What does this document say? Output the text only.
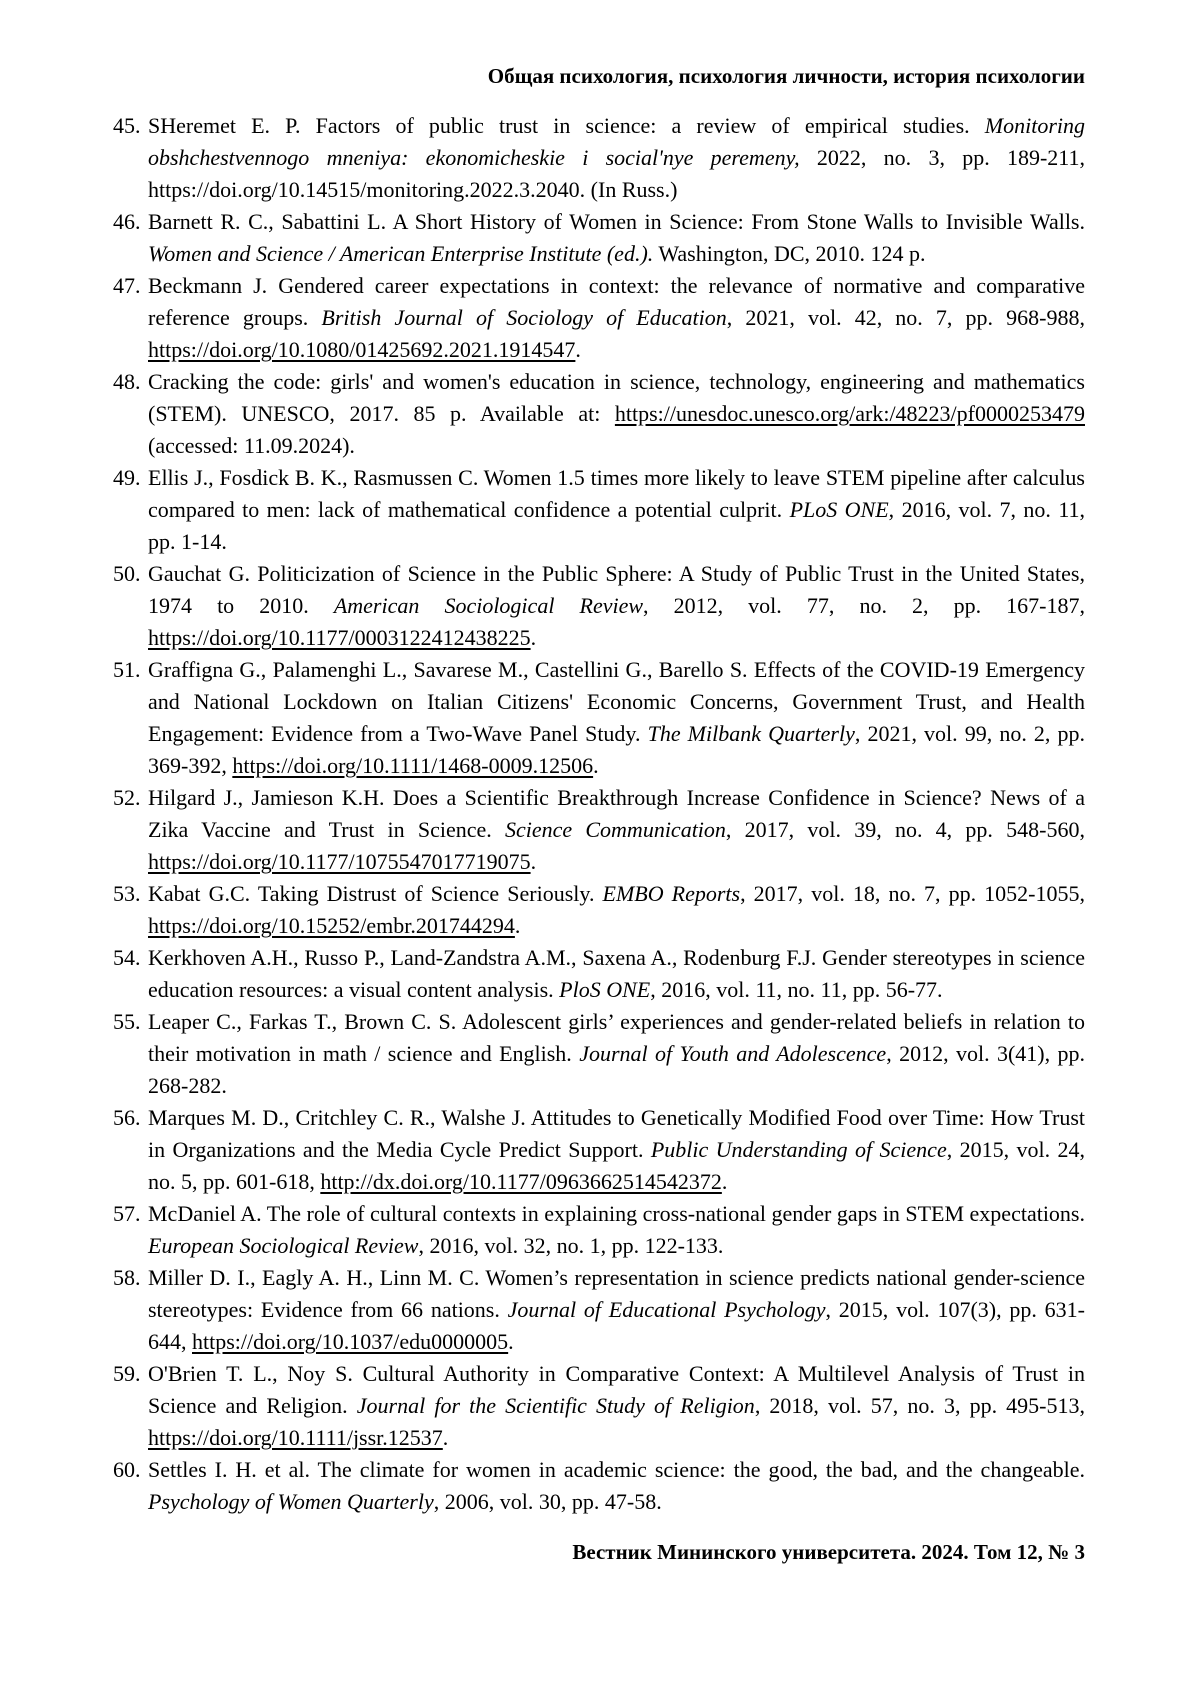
Общая психология, психология личности, история психологии
45. SHeremet E. P. Factors of public trust in science: a review of empirical studies. Monitoring obshchestvennogo mneniya: ekonomicheskie i social'nye peremeny, 2022, no. 3, pp. 189-211, https://doi.org/10.14515/monitoring.2022.3.2040. (In Russ.)
46. Barnett R. C., Sabattini L. A Short History of Women in Science: From Stone Walls to Invisible Walls. Women and Science / American Enterprise Institute (ed.). Washington, DC, 2010. 124 p.
47. Beckmann J. Gendered career expectations in context: the relevance of normative and comparative reference groups. British Journal of Sociology of Education, 2021, vol. 42, no. 7, pp. 968-988, https://doi.org/10.1080/01425692.2021.1914547.
48. Cracking the code: girls' and women's education in science, technology, engineering and mathematics (STEM). UNESCO, 2017. 85 p. Available at: https://unesdoc.unesco.org/ark:/48223/pf0000253479 (accessed: 11.09.2024).
49. Ellis J., Fosdick B. K., Rasmussen C. Women 1.5 times more likely to leave STEM pipeline after calculus compared to men: lack of mathematical confidence a potential culprit. PLoS ONE, 2016, vol. 7, no. 11, pp. 1-14.
50. Gauchat G. Politicization of Science in the Public Sphere: A Study of Public Trust in the United States, 1974 to 2010. American Sociological Review, 2012, vol. 77, no. 2, pp. 167-187, https://doi.org/10.1177/0003122412438225.
51. Graffigna G., Palamenghi L., Savarese M., Castellini G., Barello S. Effects of the COVID-19 Emergency and National Lockdown on Italian Citizens' Economic Concerns, Government Trust, and Health Engagement: Evidence from a Two-Wave Panel Study. The Milbank Quarterly, 2021, vol. 99, no. 2, pp. 369-392, https://doi.org/10.1111/1468-0009.12506.
52. Hilgard J., Jamieson K.H. Does a Scientific Breakthrough Increase Confidence in Science? News of a Zika Vaccine and Trust in Science. Science Communication, 2017, vol. 39, no. 4, pp. 548-560, https://doi.org/10.1177/1075547017719075.
53. Kabat G.C. Taking Distrust of Science Seriously. EMBO Reports, 2017, vol. 18, no. 7, pp. 1052-1055, https://doi.org/10.15252/embr.201744294.
54. Kerkhoven A.H., Russo P., Land-Zandstra A.M., Saxena A., Rodenburg F.J. Gender stereotypes in science education resources: a visual content analysis. PloS ONE, 2016, vol. 11, no. 11, pp. 56-77.
55. Leaper C., Farkas T., Brown C. S. Adolescent girls’ experiences and gender-related beliefs in relation to their motivation in math / science and English. Journal of Youth and Adolescence, 2012, vol. 3(41), pp. 268-282.
56. Marques M. D., Critchley C. R., Walshe J. Attitudes to Genetically Modified Food over Time: How Trust in Organizations and the Media Cycle Predict Support. Public Understanding of Science, 2015, vol. 24, no. 5, pp. 601-618, http://dx.doi.org/10.1177/0963662514542372.
57. McDaniel A. The role of cultural contexts in explaining cross-national gender gaps in STEM expectations. European Sociological Review, 2016, vol. 32, no. 1, pp. 122-133.
58. Miller D. I., Eagly A. H., Linn M. C. Women’s representation in science predicts national gender-science stereotypes: Evidence from 66 nations. Journal of Educational Psychology, 2015, vol. 107(3), pp. 631-644, https://doi.org/10.1037/edu0000005.
59. O'Brien T. L., Noy S. Cultural Authority in Comparative Context: A Multilevel Analysis of Trust in Science and Religion. Journal for the Scientific Study of Religion, 2018, vol. 57, no. 3, pp. 495-513, https://doi.org/10.1111/jssr.12537.
60. Settles I. H. et al. The climate for women in academic science: the good, the bad, and the changeable. Psychology of Women Quarterly, 2006, vol. 30, pp. 47-58.
Вестник Мининского университета. 2024. Том 12, № 3
